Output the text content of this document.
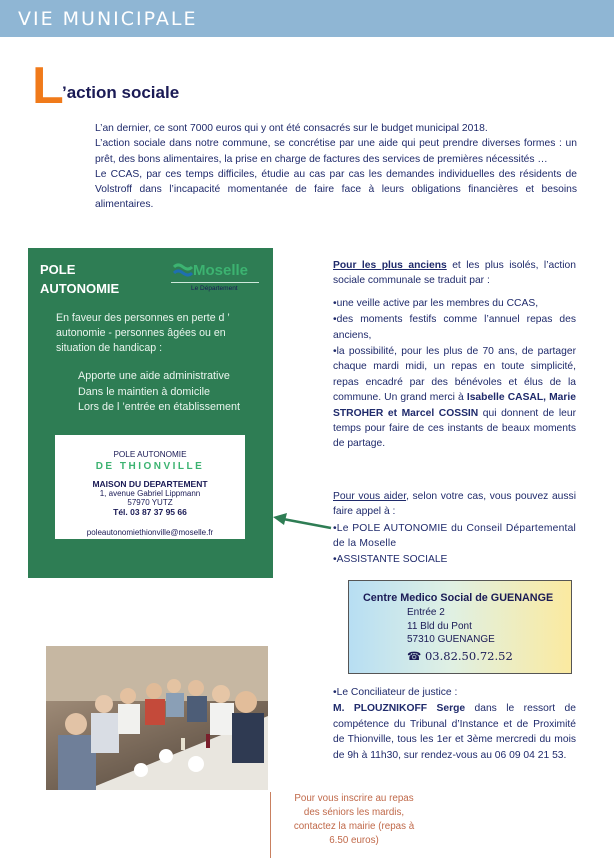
VIE MUNICIPALE
L
’action sociale

L’an dernier, ce sont 7000 euros qui y ont été consacrés sur le budget municipal 2018.

L’action sociale dans notre commune, se concrétise par une aide qui peut prendre diverses formes : un prêt, des bons alimentaires, la prise en charge de factures des services de premières nécessités …

Le CCAS, par ces temps difficiles, étudie au cas par cas les demandes individuelles des résidents de Volstroff dans l’incapacité momentanée de faire face à leurs obligations financières et besoins alimentaires.

POLE
AUTONOMIE
Moselle
Le Département
En faveur des personnes en perte d ’ autonomie - personnes âgées ou en situation de handicap :
Apporte une aide administrative
Dans le maintien à domicile
Lors de l ’entrée en établissement
POLE AUTONOMIE
DE THIONVILLE
MAISON DU DEPARTEMENT
1, avenue Gabriel Lippmann
57970 YUTZ
Tél. 03 87 37 95 66
poleautonomiethionville@moselle.fr

Pour les plus anciens et les plus isolés, l’action sociale communale se traduit par :

•une veille active par les membres du CCAS,

•des moments festifs comme l’annuel repas des anciens,

•la possibilité, pour les plus de 70 ans, de partager chaque mardi midi, un repas en toute simplicité, repas encadré par des bénévoles et élus de la commune. Un grand merci à Isabelle CASAL, Marie STROHER et Marcel COSSIN qui donnent de leur temps pour faire de ces instants de beaux moments de partage.

Pour vous aider, selon votre cas, vous pouvez aussi faire appel à :

•Le POLE AUTONOMIE du Conseil Départemental de la Moselle

•ASSISTANTE SOCIALE

Centre Medico Social de GUENANGE
Entrée 2
11 Bld du Pont
57310 GUENANGE
☎ 03.82.50.72.52

•Le Conciliateur de justice :

M. PLOUZNIKOFF Serge dans le ressort de compétence du Tribunal d’Instance et de Proximité de Thionville, tous les 1er et 3ème mercredi du mois de 9h à 11h30, sur rendez-vous au 06 09 04 21 53.

Pour vous inscrire au repas
des séniors les mardis,
contactez la mairie (repas à
6.50 euros)
